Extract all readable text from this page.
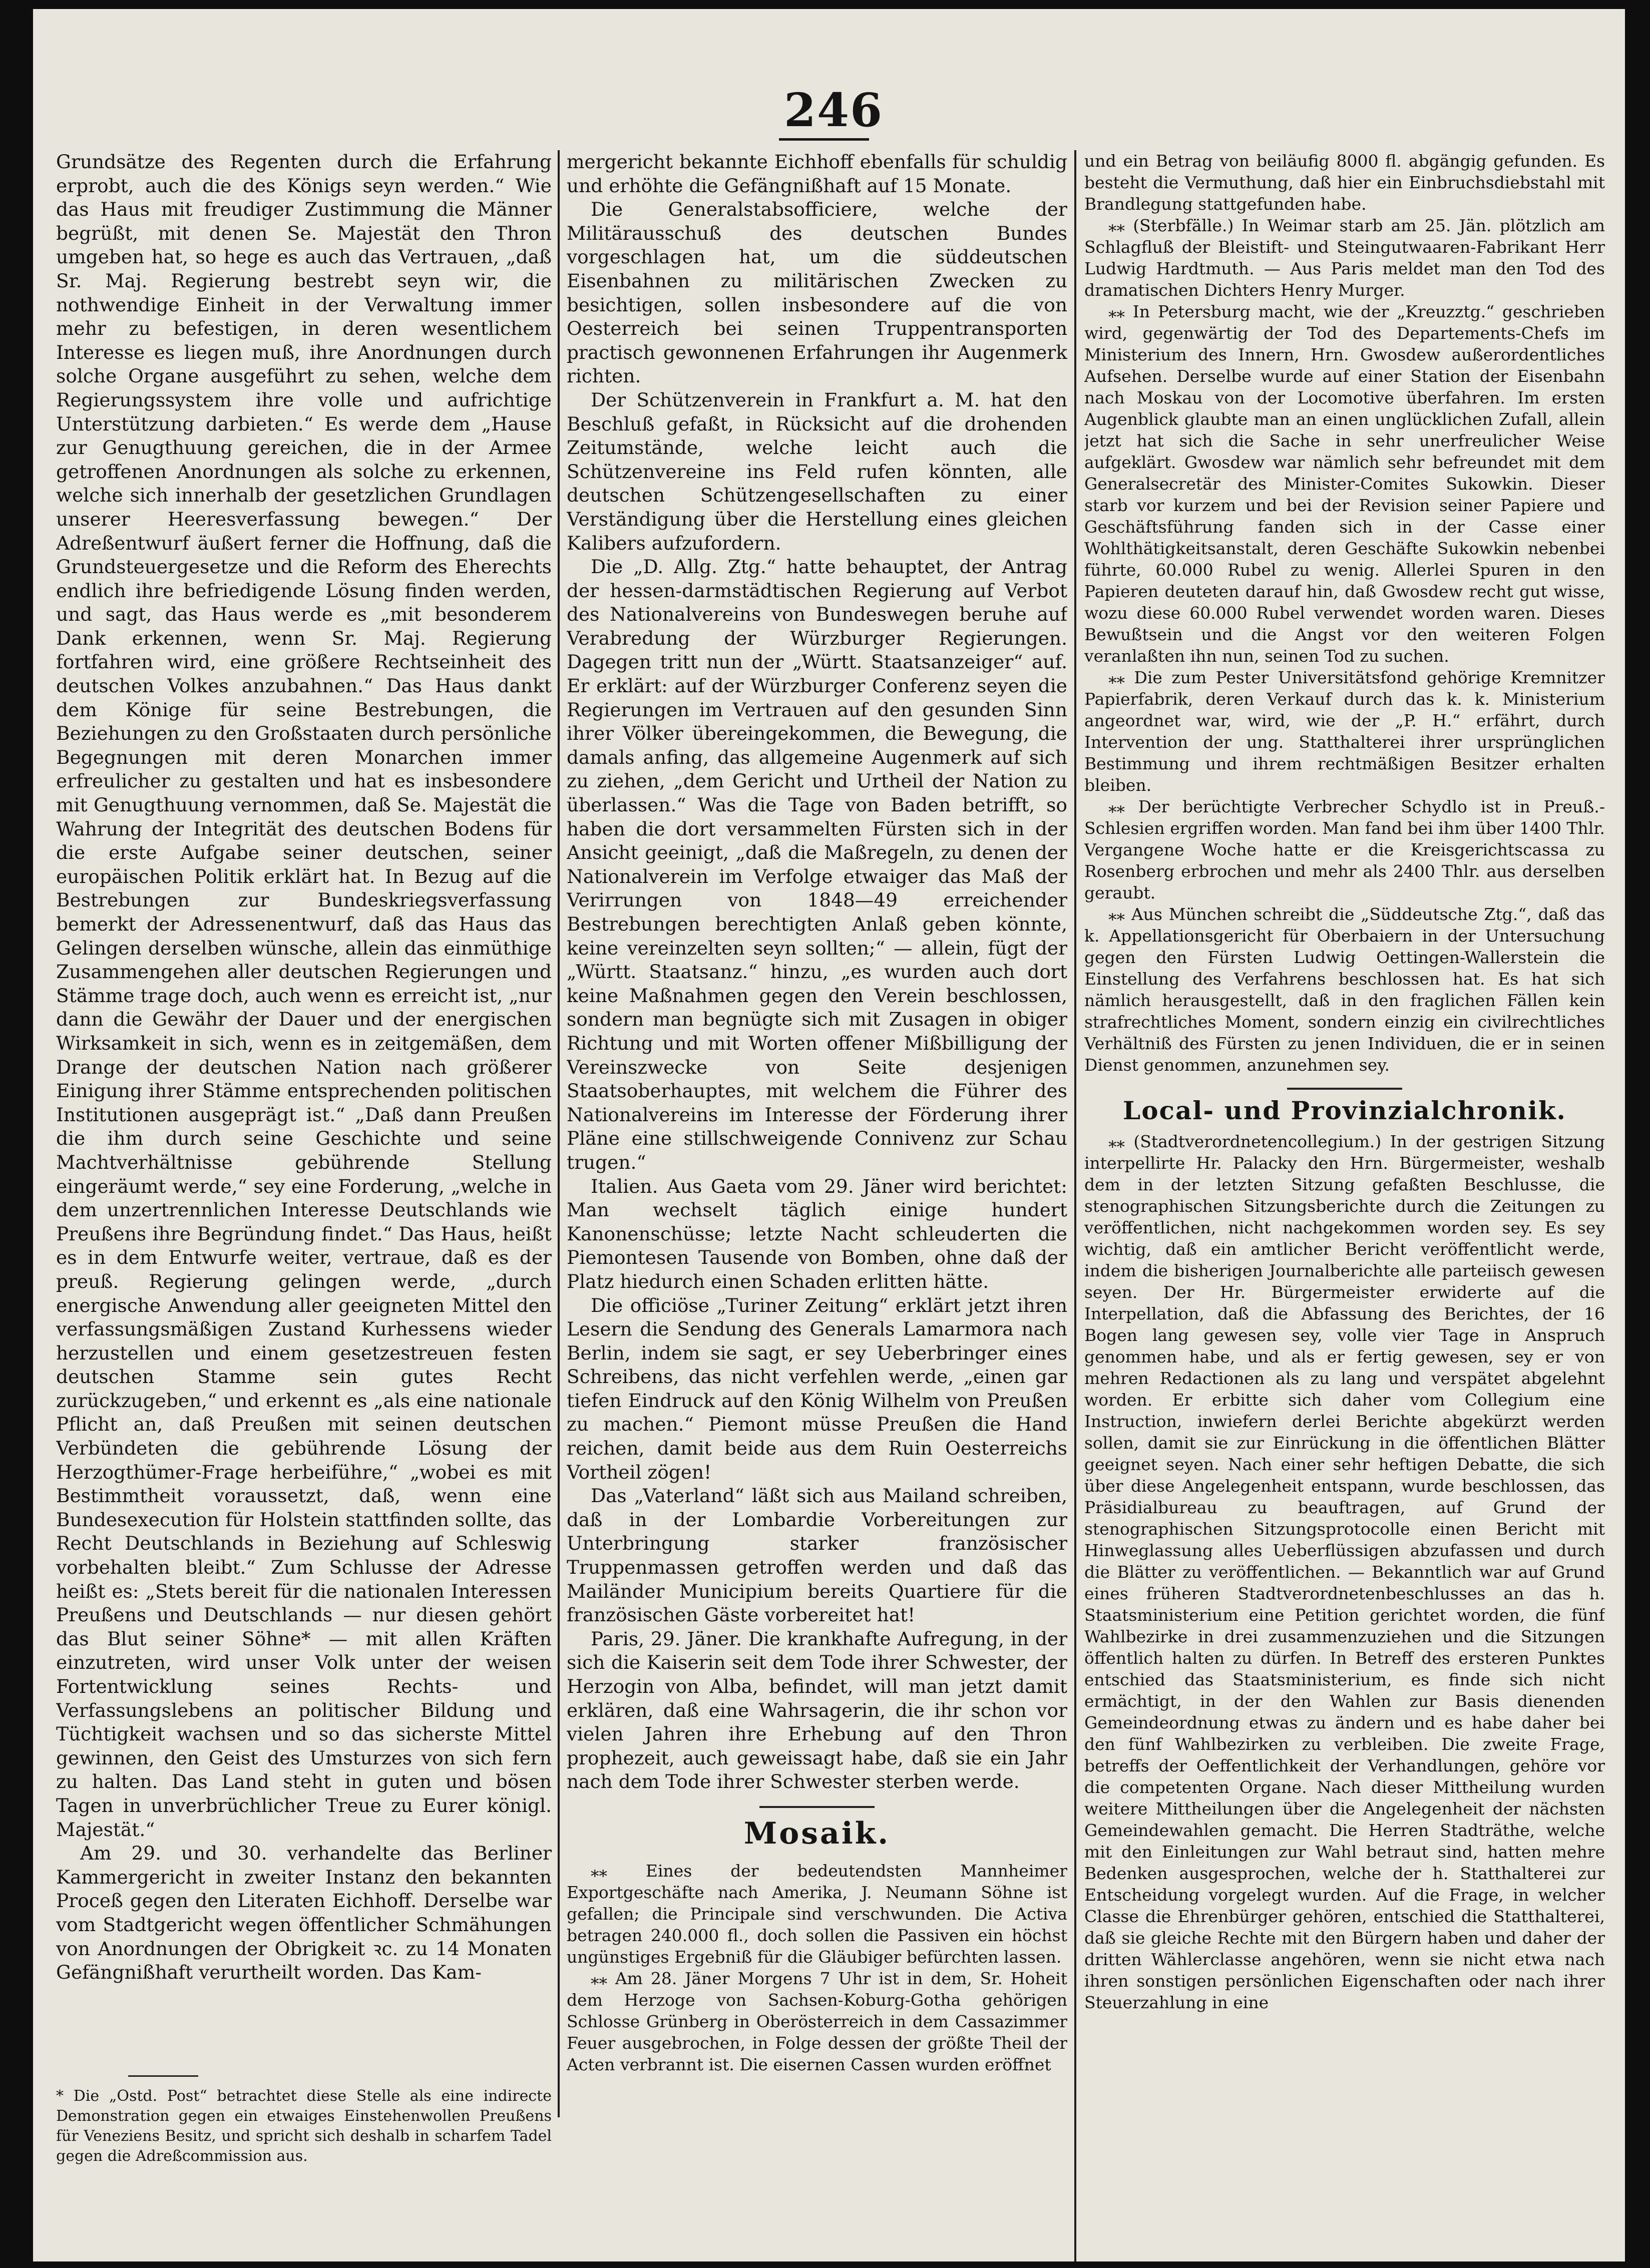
246

Grundsätze des Regenten durch die Erfahrung erprobt, auch die des Königs seyn werden.“ Wie das Haus mit freudiger Zustimmung die Männer begrüßt, mit denen Se. Majestät den Thron umgeben hat, so hege es auch das Vertrauen, „daß Sr. Maj. Regierung bestrebt seyn wir, die nothwendige Einheit in der Verwaltung immer mehr zu befestigen, in deren wesentlichem Interesse es liegen muß, ihre Anordnungen durch solche Organe ausgeführt zu sehen, welche dem Regierungssystem ihre volle und aufrichtige Unterstützung darbieten.“ Es werde dem „Hause zur Genugthuung gereichen, die in der Armee getroffenen Anordnungen als solche zu erkennen, welche sich innerhalb der gesetzlichen Grundlagen unserer Heeresverfassung bewegen.“ Der Adreßentwurf äußert ferner die Hoffnung, daß die Grundsteuergesetze und die Reform des Eherechts endlich ihre befriedigende Lösung finden werden, und sagt, das Haus werde es „mit besonderem Dank erkennen, wenn Sr. Maj. Regierung fortfahren wird, eine größere Rechtseinheit des deutschen Volkes anzubahnen.“ Das Haus dankt dem Könige für seine Bestrebungen, die Beziehungen zu den Großstaaten durch persönliche Begegnungen mit deren Monarchen immer erfreulicher zu gestalten und hat es insbesondere mit Genugthuung vernommen, daß Se. Majestät die Wahrung der Integrität des deutschen Bodens für die erste Aufgabe seiner deutschen, seiner europäischen Politik erklärt hat. In Bezug auf die Bestrebungen zur Bundeskriegsverfassung bemerkt der Adressenentwurf, daß das Haus das Gelingen derselben wünsche, allein das einmüthige Zusammengehen aller deutschen Regierungen und Stämme trage doch, auch wenn es erreicht ist, „nur dann die Gewähr der Dauer und der energischen Wirksamkeit in sich, wenn es in zeitgemäßen, dem Drange der deutschen Nation nach größerer Einigung ihrer Stämme entsprechenden politischen Institutionen ausgeprägt ist.“ „Daß dann Preußen die ihm durch seine Geschichte und seine Machtverhältnisse gebührende Stellung eingeräumt werde,“ sey eine Forderung, „welche in dem unzertrennlichen Interesse Deutschlands wie Preußens ihre Begründung findet.“ Das Haus, heißt es in dem Entwurfe weiter, vertraue, daß es der preuß. Regierung gelingen werde, „durch energische Anwendung aller geeigneten Mittel den verfassungsmäßigen Zustand Kurhessens wieder herzustellen und einem gesetzestreuen festen deutschen Stamme sein gutes Recht zurückzugeben,“ und erkennt es „als eine nationale Pflicht an, daß Preußen mit seinen deutschen Verbündeten die gebührende Lösung der Herzogthümer-Frage herbeiführe,“ „wobei es mit Bestimmtheit voraussetzt, daß, wenn eine Bundesexecution für Holstein stattfinden sollte, das Recht Deutschlands in Beziehung auf Schleswig vorbehalten bleibt.“ Zum Schlusse der Adresse heißt es: „Stets bereit für die nationalen Interessen Preußens und Deutschlands — nur diesen gehört das Blut seiner Söhne* — mit allen Kräften einzutreten, wird unser Volk unter der weisen Fortentwicklung seines Rechts- und Verfassungslebens an politischer Bildung und Tüchtigkeit wachsen und so das sicherste Mittel gewinnen, den Geist des Umsturzes von sich fern zu halten. Das Land steht in guten und bösen Tagen in unverbrüchlicher Treue zu Eurer königl. Majestät.“

Am 29. und 30. verhandelte das Berliner Kammergericht in zweiter Instanz den bekannten Proceß gegen den Literaten Eichhoff. Derselbe war vom Stadtgericht wegen öffentlicher Schmähungen von Anordnungen der Obrigkeit ꝛc. zu 14 Monaten Gefängnißhaft verurtheilt worden. Das Kam-

* Die „Ostd. Post“ betrachtet diese Stelle als eine indirecte Demonstration gegen ein etwaiges Einstehenwollen Preußens für Veneziens Besitz, und spricht sich deshalb in scharfem Tadel gegen die Adreßcommission aus.

mergericht bekannte Eichhoff ebenfalls für schuldig und erhöhte die Gefängnißhaft auf 15 Monate.

Die Generalstabsofficiere, welche der Militärausschuß des deutschen Bundes vorgeschlagen hat, um die süddeutschen Eisenbahnen zu militärischen Zwecken zu besichtigen, sollen insbesondere auf die von Oesterreich bei seinen Truppentransporten practisch gewonnenen Erfahrungen ihr Augenmerk richten.

Der Schützenverein in Frankfurt a. M. hat den Beschluß gefaßt, in Rücksicht auf die drohenden Zeitumstände, welche leicht auch die Schützenvereine ins Feld rufen könnten, alle deutschen Schützengesellschaften zu einer Verständigung über die Herstellung eines gleichen Kalibers aufzufordern.

Die „D. Allg. Ztg.“ hatte behauptet, der Antrag der hessen-darmstädtischen Regierung auf Verbot des Nationalvereins von Bundeswegen beruhe auf Verabredung der Würzburger Regierungen. Dagegen tritt nun der „Württ. Staatsanzeiger“ auf. Er erklärt: auf der Würzburger Conferenz seyen die Regierungen im Vertrauen auf den gesunden Sinn ihrer Völker übereingekommen, die Bewegung, die damals anfing, das allgemeine Augenmerk auf sich zu ziehen, „dem Gericht und Urtheil der Nation zu überlassen.“ Was die Tage von Baden betrifft, so haben die dort versammelten Fürsten sich in der Ansicht geeinigt, „daß die Maßregeln, zu denen der Nationalverein im Verfolge etwaiger das Maß der Verirrungen von 1848—49 erreichender Bestrebungen berechtigten Anlaß geben könnte, keine vereinzelten seyn sollten;“ — allein, fügt der „Württ. Staatsanz.“ hinzu, „es wurden auch dort keine Maßnahmen gegen den Verein beschlossen, sondern man begnügte sich mit Zusagen in obiger Richtung und mit Worten offener Mißbilligung der Vereinszwecke von Seite desjenigen Staatsoberhauptes, mit welchem die Führer des Nationalvereins im Interesse der Förderung ihrer Pläne eine stillschweigende Connivenz zur Schau trugen.“

Italien. Aus Gaeta vom 29. Jäner wird berichtet: Man wechselt täglich einige hundert Kanonenschüsse; letzte Nacht schleuderten die Piemontesen Tausende von Bomben, ohne daß der Platz hiedurch einen Schaden erlitten hätte.

Die officiöse „Turiner Zeitung“ erklärt jetzt ihren Lesern die Sendung des Generals Lamarmora nach Berlin, indem sie sagt, er sey Ueberbringer eines Schreibens, das nicht verfehlen werde, „einen gar tiefen Eindruck auf den König Wilhelm von Preußen zu machen.“ Piemont müsse Preußen die Hand reichen, damit beide aus dem Ruin Oesterreichs Vortheil zögen!

Das „Vaterland“ läßt sich aus Mailand schreiben, daß in der Lombardie Vorbereitungen zur Unterbringung starker französischer Truppenmassen getroffen werden und daß das Mailänder Municipium bereits Quartiere für die französischen Gäste vorbereitet hat!

Paris, 29. Jäner. Die krankhafte Aufregung, in der sich die Kaiserin seit dem Tode ihrer Schwester, der Herzogin von Alba, befindet, will man jetzt damit erklären, daß eine Wahrsagerin, die ihr schon vor vielen Jahren ihre Erhebung auf den Thron prophezeit, auch geweissagt habe, daß sie ein Jahr nach dem Tode ihrer Schwester sterben werde.

Mosaik.

⁎⁎ Eines der bedeutendsten Mannheimer Exportgeschäfte nach Amerika, J. Neumann Söhne ist gefallen; die Principale sind verschwunden. Die Activa betragen 240.000 fl., doch sollen die Passiven ein höchst ungünstiges Ergebniß für die Gläubiger befürchten lassen.

⁎⁎ Am 28. Jäner Morgens 7 Uhr ist in dem, Sr. Hoheit dem Herzoge von Sachsen-Koburg-Gotha gehörigen Schlosse Grünberg in Oberösterreich in dem Cassazimmer Feuer ausgebrochen, in Folge dessen der größte Theil der Acten verbrannt ist. Die eisernen Cassen wurden eröffnet

und ein Betrag von beiläufig 8000 fl. abgängig gefunden. Es besteht die Vermuthung, daß hier ein Einbruchsdiebstahl mit Brandlegung stattgefunden habe.

⁎⁎ (Sterbfälle.) In Weimar starb am 25. Jän. plötzlich am Schlagfluß der Bleistift- und Steingutwaaren-Fabrikant Herr Ludwig Hardtmuth. — Aus Paris meldet man den Tod des dramatischen Dichters Henry Murger.

⁎⁎ In Petersburg macht, wie der „Kreuzztg.“ geschrieben wird, gegenwärtig der Tod des Departements-Chefs im Ministerium des Innern, Hrn. Gwosdew außerordentliches Aufsehen. Derselbe wurde auf einer Station der Eisenbahn nach Moskau von der Locomotive überfahren. Im ersten Augenblick glaubte man an einen unglücklichen Zufall, allein jetzt hat sich die Sache in sehr unerfreulicher Weise aufgeklärt. Gwosdew war nämlich sehr befreundet mit dem Generalsecretär des Minister-Comites Sukowkin. Dieser starb vor kurzem und bei der Revision seiner Papiere und Geschäftsführung fanden sich in der Casse einer Wohlthätigkeitsanstalt, deren Geschäfte Sukowkin nebenbei führte, 60.000 Rubel zu wenig. Allerlei Spuren in den Papieren deuteten darauf hin, daß Gwosdew recht gut wisse, wozu diese 60.000 Rubel verwendet worden waren. Dieses Bewußtsein und die Angst vor den weiteren Folgen veranlaßten ihn nun, seinen Tod zu suchen.

⁎⁎ Die zum Pester Universitätsfond gehörige Kremnitzer Papierfabrik, deren Verkauf durch das k. k. Ministerium angeordnet war, wird, wie der „P. H.“ erfährt, durch Intervention der ung. Statthalterei ihrer ursprünglichen Bestimmung und ihrem rechtmäßigen Besitzer erhalten bleiben.

⁎⁎ Der berüchtigte Verbrecher Schydlo ist in Preuß.-Schlesien ergriffen worden. Man fand bei ihm über 1400 Thlr. Vergangene Woche hatte er die Kreisgerichtscassa zu Rosenberg erbrochen und mehr als 2400 Thlr. aus derselben geraubt.

⁎⁎ Aus München schreibt die „Süddeutsche Ztg.“, daß das k. Appellationsgericht für Oberbaiern in der Untersuchung gegen den Fürsten Ludwig Oettingen-Wallerstein die Einstellung des Verfahrens beschlossen hat. Es hat sich nämlich herausgestellt, daß in den fraglichen Fällen kein strafrechtliches Moment, sondern einzig ein civilrechtliches Verhältniß des Fürsten zu jenen Individuen, die er in seinen Dienst genommen, anzunehmen sey.

Local- und Provinzialchronik.

⁎⁎ (Stadtverordnetencollegium.) In der gestrigen Sitzung interpellirte Hr. Palacky den Hrn. Bürgermeister, weshalb dem in der letzten Sitzung gefaßten Beschlusse, die stenographischen Sitzungsberichte durch die Zeitungen zu veröffentlichen, nicht nachgekommen worden sey. Es sey wichtig, daß ein amtlicher Bericht veröffentlicht werde, indem die bisherigen Journalberichte alle parteiisch gewesen seyen. Der Hr. Bürgermeister erwiderte auf die Interpellation, daß die Abfassung des Berichtes, der 16 Bogen lang gewesen sey, volle vier Tage in Anspruch genommen habe, und als er fertig gewesen, sey er von mehren Redactionen als zu lang und verspätet abgelehnt worden. Er erbitte sich daher vom Collegium eine Instruction, inwiefern derlei Berichte abgekürzt werden sollen, damit sie zur Einrückung in die öffentlichen Blätter geeignet seyen. Nach einer sehr heftigen Debatte, die sich über diese Angelegenheit entspann, wurde beschlossen, das Präsidialbureau zu beauftragen, auf Grund der stenographischen Sitzungsprotocolle einen Bericht mit Hinweglassung alles Ueberflüssigen abzufassen und durch die Blätter zu veröffentlichen. — Bekanntlich war auf Grund eines früheren Stadtverordnetenbeschlusses an das h. Staatsministerium eine Petition gerichtet worden, die fünf Wahlbezirke in drei zusammenzuziehen und die Sitzungen öffentlich halten zu dürfen. In Betreff des ersteren Punktes entschied das Staatsministerium, es finde sich nicht ermächtigt, in der den Wahlen zur Basis dienenden Gemeindeordnung etwas zu ändern und es habe daher bei den fünf Wahlbezirken zu verbleiben. Die zweite Frage, betreffs der Oeffentlichkeit der Verhandlungen, gehöre vor die competenten Organe. Nach dieser Mittheilung wurden weitere Mittheilungen über die Angelegenheit der nächsten Gemeindewahlen gemacht. Die Herren Stadträthe, welche mit den Einleitungen zur Wahl betraut sind, hatten mehre Bedenken ausgesprochen, welche der h. Statthalterei zur Entscheidung vorgelegt wurden. Auf die Frage, in welcher Classe die Ehrenbürger gehören, entschied die Statthalterei, daß sie gleiche Rechte mit den Bürgern haben und daher der dritten Wählerclasse angehören, wenn sie nicht etwa nach ihren sonstigen persönlichen Eigenschaften oder nach ihrer Steuerzahlung in eine
